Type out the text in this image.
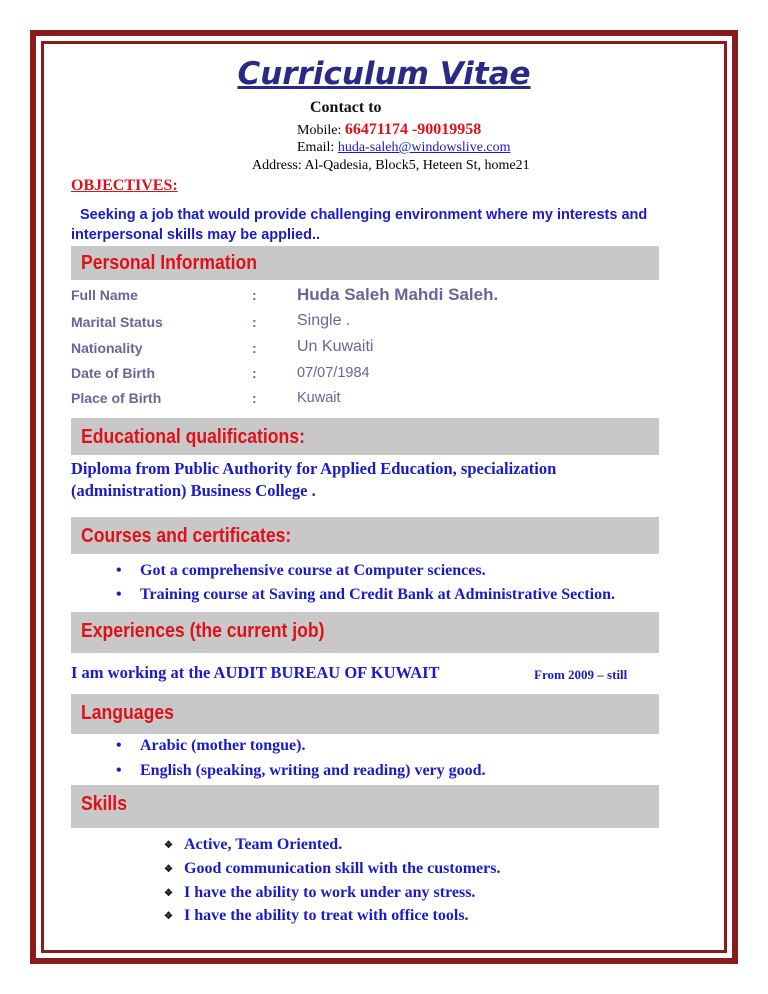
Curriculum Vitae
Contact to
Mobile: 66471174 -90019958
Email: huda-saleh@windowslive.com
Address: Al-Qadesia, Block5, Heteen St, home21
OBJECTIVES:
Seeking a job that would provide challenging environment where my interests and interpersonal skills may be applied..
Personal Information
Full Name	: Huda Saleh Mahdi Saleh.
Marital Status	:	Single .
Nationality	:	Un Kuwaiti
Date of Birth	:	07/07/1984
Place of Birth	:	Kuwait
Educational qualifications:
Diploma from Public Authority for Applied Education, specialization
(administration) Business College .
Courses and certificates:
• Got a comprehensive course at Computer sciences.
• Training course at Saving and Credit Bank at Administrative Section.
Experiences (the current job)
I am working at the AUDIT BUREAU OF KUWAIT	From 2009 – still
Languages
• Arabic (mother tongue).
• English (speaking, writing and reading) very good.
Skills
❖ Active, Team Oriented.
❖ Good communication skill with the customers.
❖ I have the ability to work under any stress.
❖ I have the ability to treat with office tools.
